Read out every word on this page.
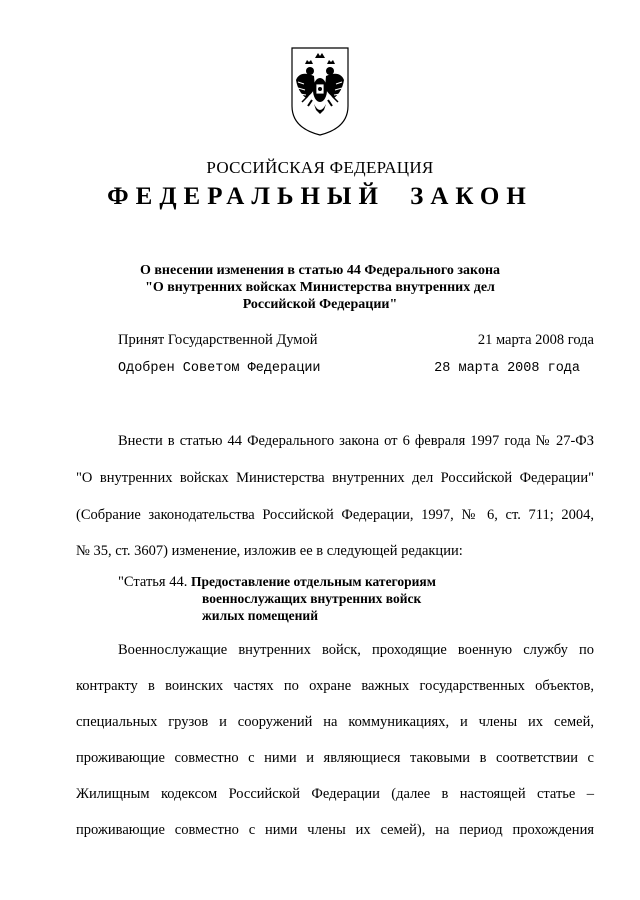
РОССИЙСКАЯ ФЕДЕРАЦИЯ
ФЕДЕРАЛЬНЫЙ ЗАКОН
О внесении изменения в статью 44 Федерального закона
"О внутренних войсках Министерства внутренних дел
Российской Федерации"
Принят Государственной Думой	21 марта 2008 года
Одобрен Советом Федерации	28 марта 2008 года
Внести в статью 44 Федерального закона от 6 февраля 1997 года № 27-ФЗ
"О внутренних войсках Министерства внутренних дел Российской Федерации"
(Собрание законодательства Российской Федерации, 1997, № 6, ст. 711; 2004,
№ 35, ст. 3607) изменение, изложив ее в следующей редакции:
"Статья 44. Предоставление отдельным категориям
военнослужащих внутренних войск
жилых помещений
Военнослужащие внутренних войск, проходящие военную службу по
контракту в воинских частях по охране важных государственных объектов,
специальных грузов и сооружений на коммуникациях, и члены их семей,
проживающие совместно с ними и являющиеся таковыми в соответствии с
Жилищным кодексом Российской Федерации (далее в настоящей статье –
проживающие совместно с ними члены их семей), на период прохождения
